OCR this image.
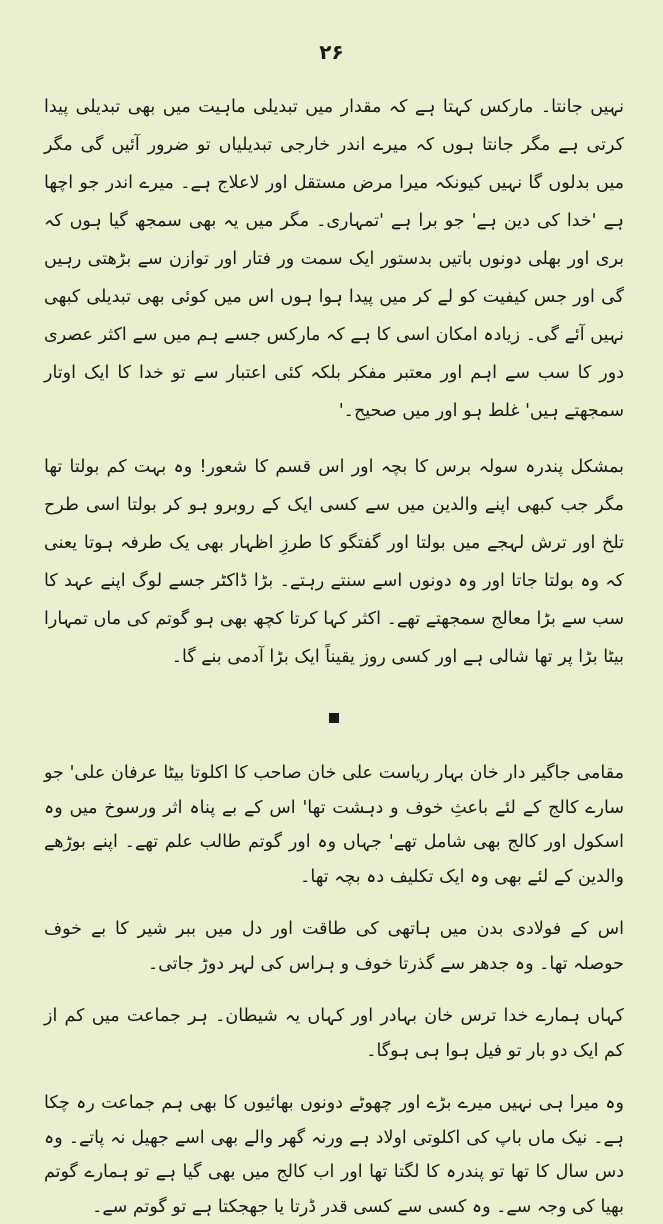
۲۶

نہیں جانتا۔ مارکس کہتا ہے کہ مقدار میں تبدیلی ماہیت میں بھی تبدیلی پیدا کرتی ہے مگر جانتا ہوں کہ میرے اندر خارجی تبدیلیاں تو ضرور آئیں گی مگر میں بدلوں گا نہیں کیونکہ میرا مرض مستقل اور لاعلاج ہے۔ میرے اندر جو اچھا ہے 'خدا کی دین ہے' جو برا ہے 'تمہاری۔ مگر میں یہ بھی سمجھ گیا ہوں کہ بری اور بھلی دونوں باتیں بدستور ایک سمت ور فتار اور توازن سے بڑھتی رہیں گی اور جس کیفیت کو لے کر میں پیدا ہوا ہوں اس میں کوئی بھی تبدیلی کبھی نہیں آئے گی۔ زیادہ امکان اسی کا ہے کہ مارکس جسے ہم میں سے اکثر عصری دور کا سب سے اہم اور معتبر مفکر بلکہ کئی اعتبار سے تو خدا کا ایک اوتار سمجھتے ہیں' غلط ہو اور میں صحیح۔'

بمشکل پندرہ سولہ برس کا بچہ اور اس قسم کا شعور! وہ بہت کم بولتا تھا مگر جب کبھی اپنے والدین میں سے کسی ایک کے روبرو ہو کر بولتا اسی طرح تلخ اور ترش لہجے میں بولتا اور گفتگو کا طرزِ اظہار بھی یک طرفہ ہوتا یعنی کہ وہ بولتا جاتا اور وہ دونوں اسے سنتے رہتے۔ بڑا ڈاکٹر جسے لوگ اپنے عہد کا سب سے بڑا معالج سمجھتے تھے۔ اکثر کہا کرتا کچھ بھی ہو گوتم کی ماں تمہارا بیٹا بڑا پر تھا شالی ہے اور کسی روز یقیناً ایک بڑا آدمی بنے گا۔

مقامی جاگیر دار خان بہار ریاست علی خان صاحب کا اکلوتا بیٹا عرفان علی' جو سارے کالج کے لئے باعثِ خوف و دہشت تھا' اس کے بے پناہ اثر ورسوخ میں وہ اسکول اور کالج بھی شامل تھے' جہاں وہ اور گوتم طالب علم تھے۔ اپنے بوڑھے والدین کے لئے بھی وہ ایک تکلیف دہ بچہ تھا۔

اس کے فولادی بدن میں ہاتھی کی طاقت اور دل میں ببر شیر کا بے خوف حوصلہ تھا۔ وہ جدھر سے گذرتا خوف و ہراس کی لہر دوڑ جاتی۔

کہاں ہمارے خدا ترس خان بہادر اور کہاں یہ شیطان۔ ہر جماعت میں کم از کم ایک دو بار تو فیل ہوا ہی ہوگا۔

وہ میرا ہی نہیں میرے بڑے اور چھوٹے دونوں بھائیوں کا بھی ہم جماعت رہ چکا ہے۔ نیک ماں باپ کی اکلوتی اولاد ہے ورنہ گھر والے بھی اسے جھیل نہ پاتے۔ وہ دس سال کا تھا تو پندرہ کا لگتا تھا اور اب کالج میں بھی گیا ہے تو ہمارے گوتم بھیا کی وجہ سے۔ وہ کسی سے کسی قدر ڈرتا یا جھجکتا ہے تو گوتم سے۔
